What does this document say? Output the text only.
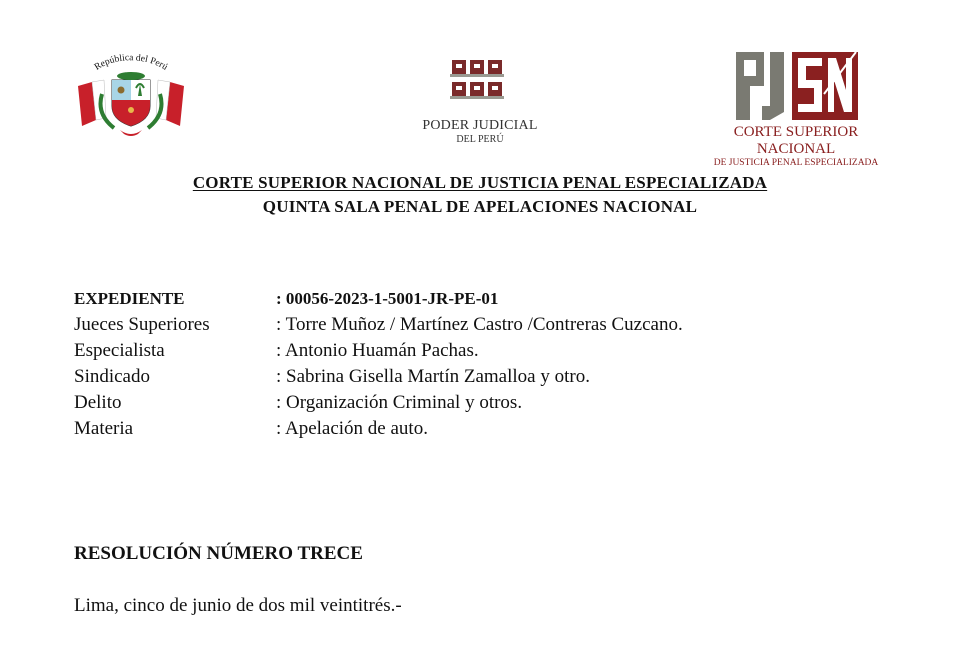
República del Perú
PODER JUDICIAL
DEL PERÚ	CORTE SUPERIOR NACIONAL
DE JUSTICIA PENAL ESPECIALIZADA
CORTE SUPERIOR NACIONAL DE JUSTICIA PENAL ESPECIALIZADA
QUINTA SALA PENAL DE APELACIONES NACIONAL
EXPEDIENTE	: 00056-2023-1-5001-JR-PE-01
Jueces Superiores	: Torre Muñoz / Martínez Castro /Contreras Cuzcano.
Especialista	: Antonio Huamán Pachas.
Sindicado	: Sabrina Gisella Martín Zamalloa y otro.
Delito	: Organización Criminal y otros.
Materia	: Apelación de auto.
RESOLUCIÓN NÚMERO TRECE
Lima, cinco de junio de dos mil veintitrés.-
